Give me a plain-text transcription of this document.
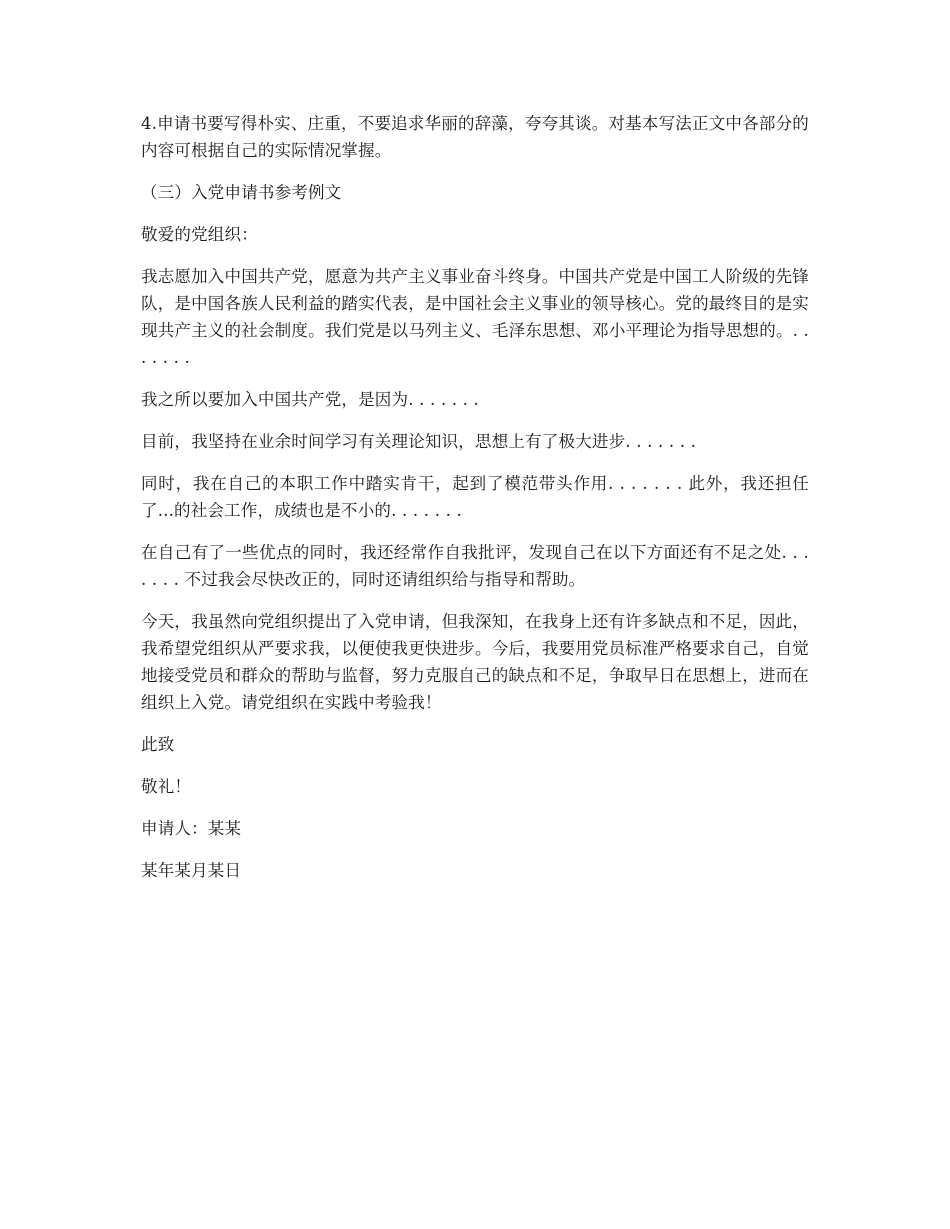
4.申请书要写得朴实、庄重，不要追求华丽的辞藻，夸夸其谈。对基本写法正文中各部分的内容可根据自己的实际情况掌握。

（三）入党申请书参考例文

敬爱的党组织：

我志愿加入中国共产党，愿意为共产主义事业奋斗终身。中国共产党是中国工人阶级的先锋队，是中国各族人民利益的踏实代表，是中国社会主义事业的领导核心。党的最终目的是实现共产主义的社会制度。我们党是以马列主义、毛泽东思想、邓小平理论为指导思想的。. . . . . . .

我之所以要加入中国共产党，是因为. . . . . . .

目前，我坚持在业余时间学习有关理论知识，思想上有了极大进步. . . . . . .

同时，我在自己的本职工作中踏实肯干，起到了模范带头作用. . . . . . . 此外，我还担任了...的社会工作，成绩也是不小的. . . . . . .

在自己有了一些优点的同时，我还经常作自我批评，发现自己在以下方面还有不足之处. . . . . . . 不过我会尽快改正的，同时还请组织给与指导和帮助。

今天，我虽然向党组织提出了入党申请，但我深知，在我身上还有许多缺点和不足，因此，我希望党组织从严要求我，以便使我更快进步。今后，我要用党员标准严格要求自己，自觉地接受党员和群众的帮助与监督，努力克服自己的缺点和不足，争取早日在思想上，进而在组织上入党。请党组织在实践中考验我！

此致

敬礼！

申请人：某某

某年某月某日
